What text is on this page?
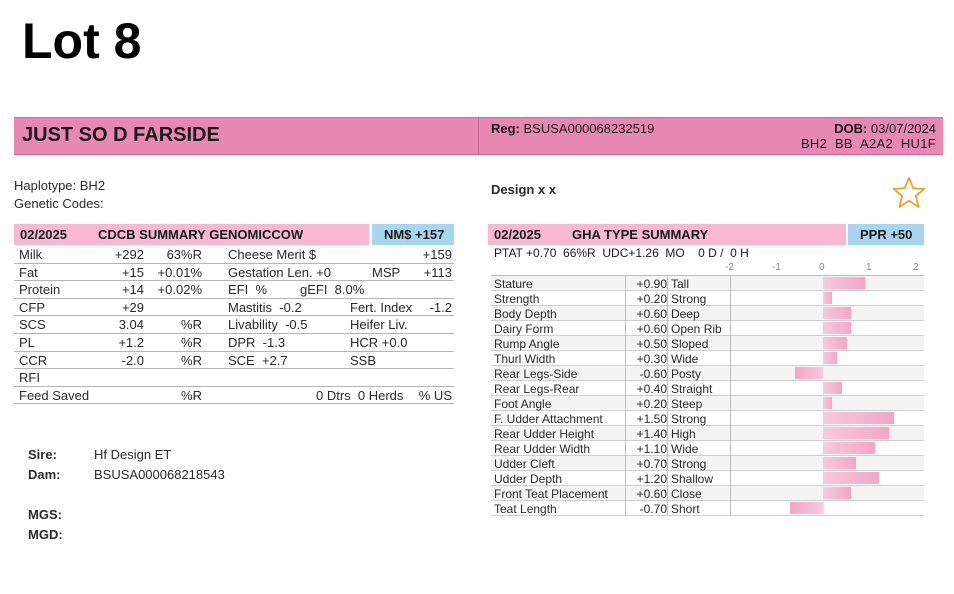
Lot 8
JUST SO D FARSIDE	Reg: BSUSA000068232519	DOB: 03/07/2024
BH2  BB  A2A2  HU1F
Haplotype: BH2
Genetic Codes:
Design x x
02/2025 CDCB SUMMARY GENOMICCOW	NM$ +157
Milk	+292	63%R Cheese Merit $	+159
Fat	+15	+0.01% Gestation Len. +0	MSP	+113
Protein	+14	+0.02% EFI  %	gEFI  8.0%
CFP	+29	Mastitis  -0.2	Fert. Index	-1.2
SCS	3.04	%R Livability  -0.5	Heifer Liv.
PL	+1.2	%R DPR  -1.3	HCR +0.0
CCR	-2.0	%R SCE  +2.7	SSB
RFI
Feed Saved	%R	0 Dtrs  0 Herds	% US
Sire:	Hf Design ET
Dam:	BSUSA000068218543
MGS:
MGD:
02/2025 GHA TYPE SUMMARY	PPR +50
PTAT +0.70  66%R  UDC+1.26  MO    0 D /  0 H
-2	-1	0	1	2
Stature	+0.90 Tall
Strength	+0.20 Strong
Body Depth	+0.60 Deep
Dairy Form	+0.60 Open Rib
Rump Angle	+0.50 Sloped
Thurl Width	+0.30 Wide
Rear Legs-Side	-0.60 Posty
Rear Legs-Rear	+0.40 Straight
Foot Angle	+0.20 Steep
F. Udder Attachment	+1.50 Strong
Rear Udder Height	+1.40 High
Rear Udder Width	+1.10 Wide
Udder Cleft	+0.70 Strong
Udder Depth	+1.20 Shallow
Front Teat Placement	+0.60 Close
Teat Length	-0.70 Short
